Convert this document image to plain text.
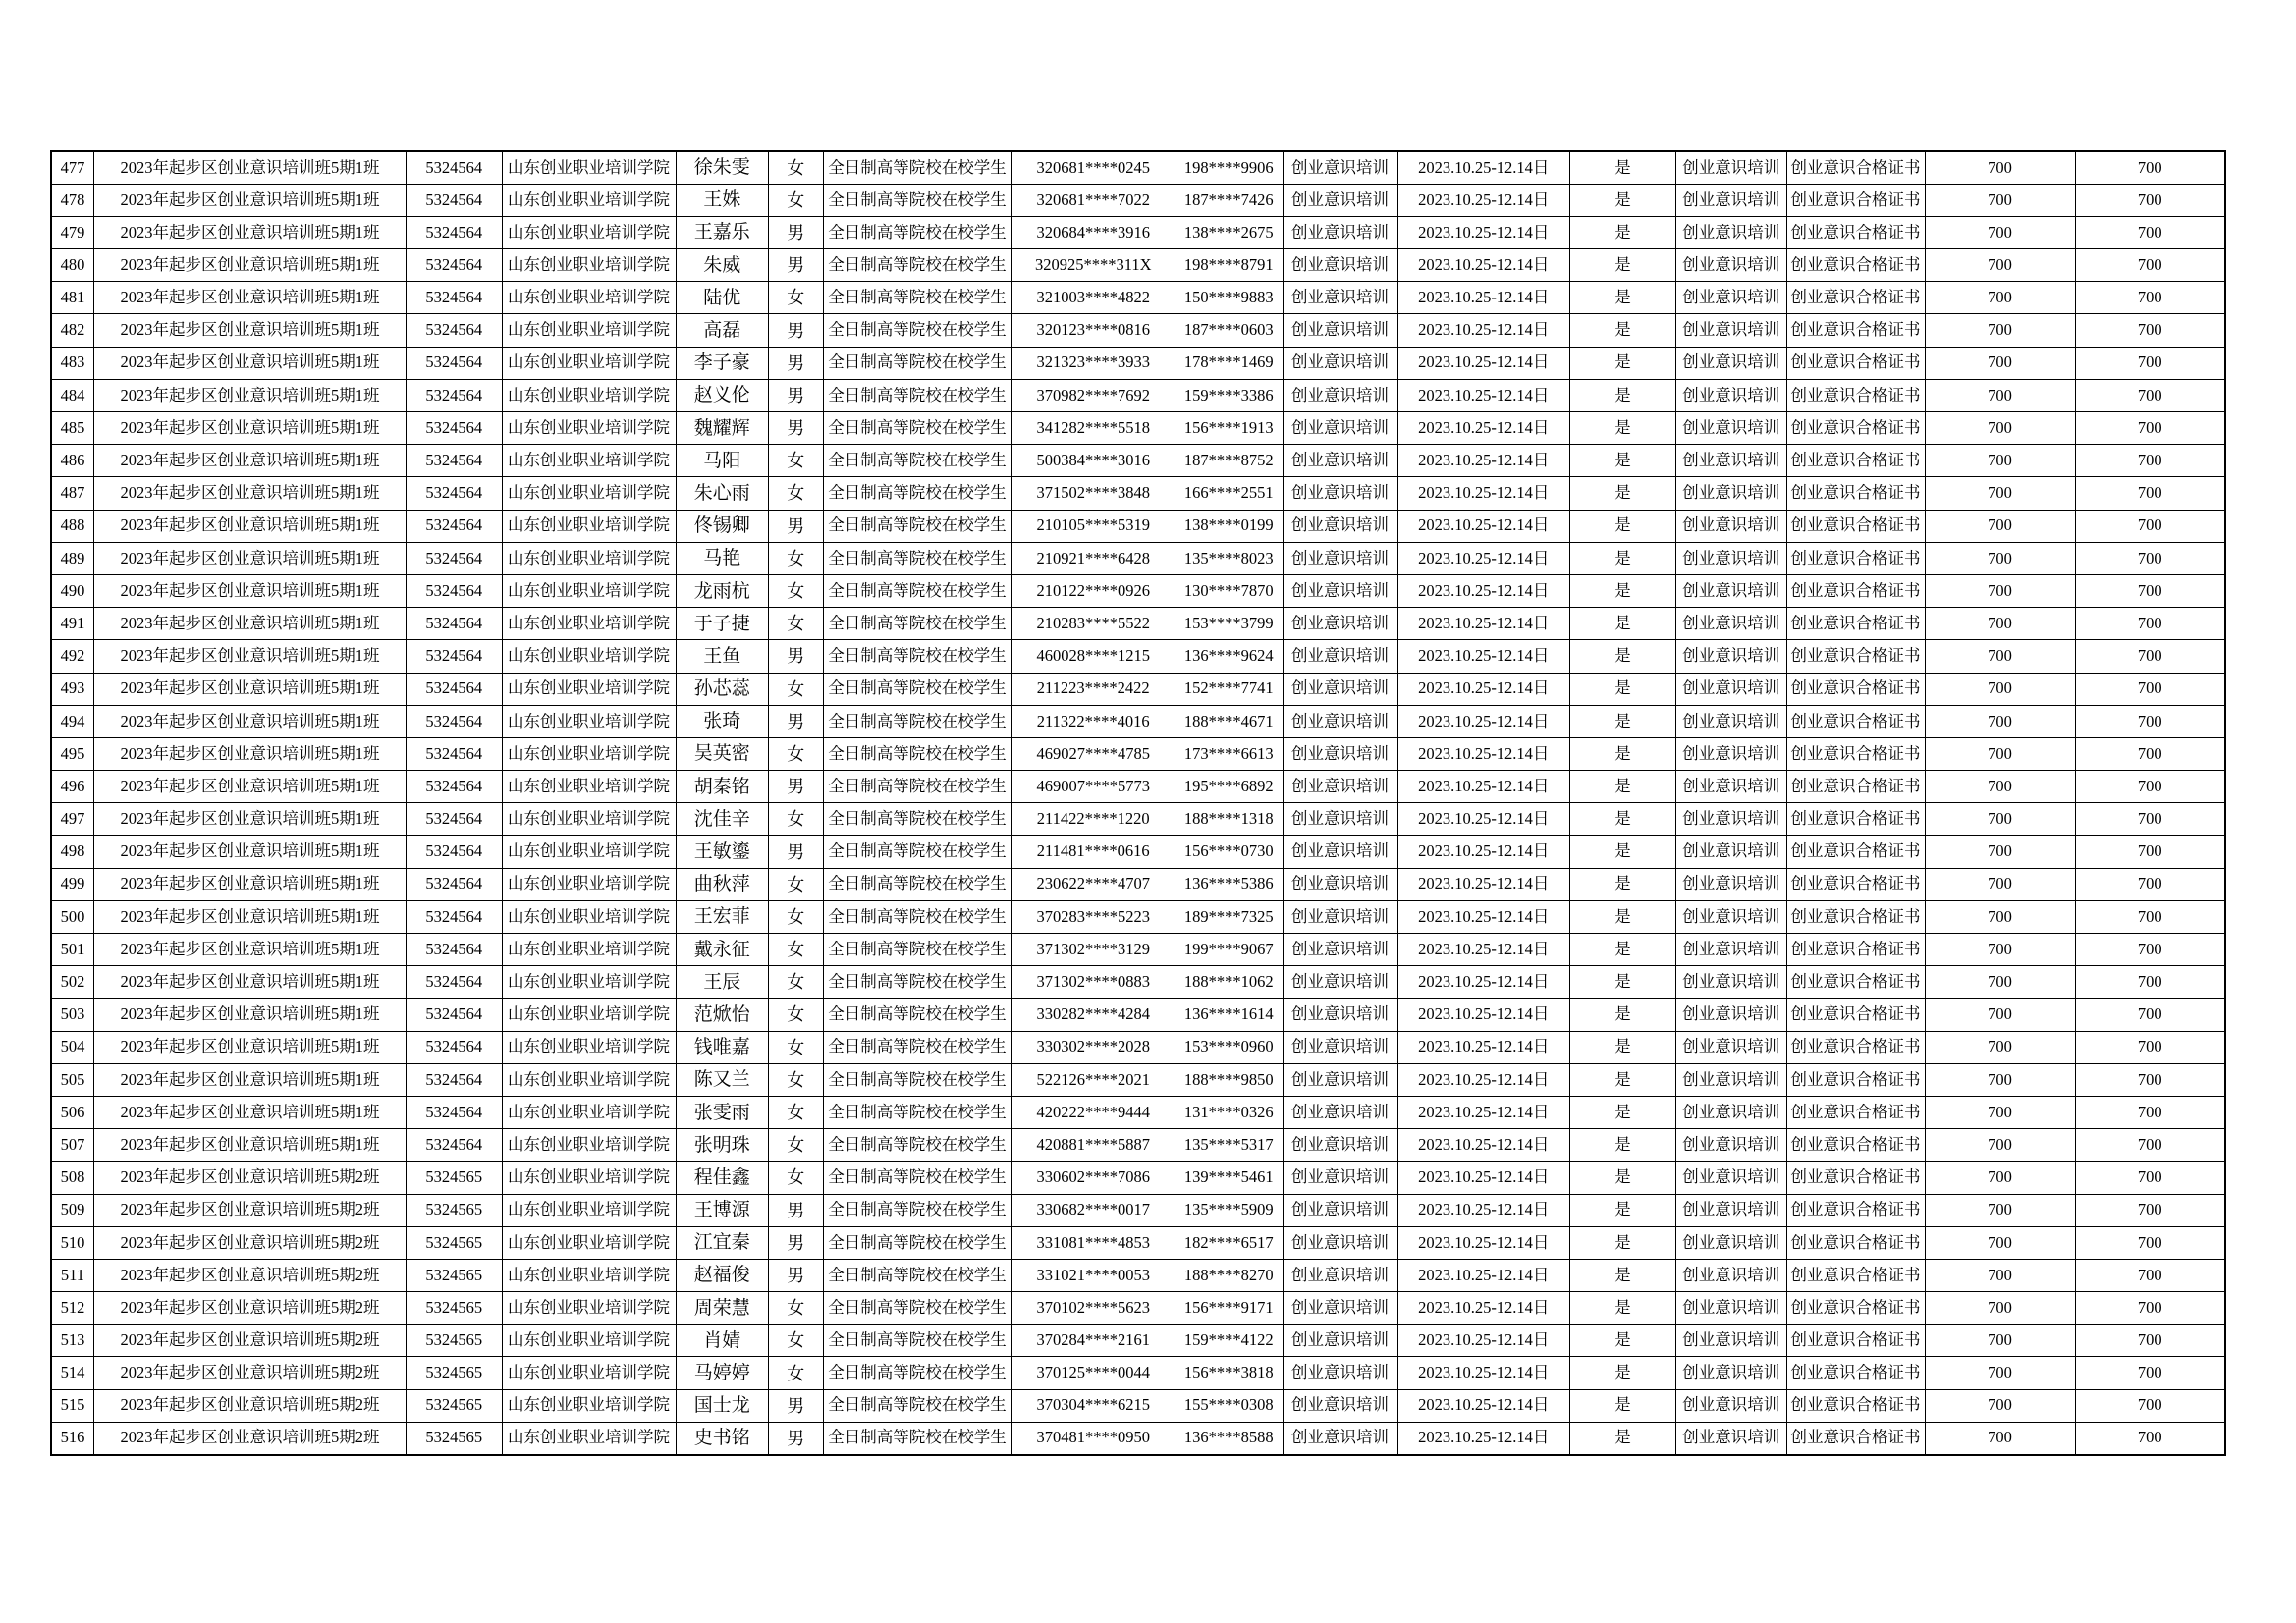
477	2023年起步区创业意识培训班5期1班	5324564	山东创业职业培训学院	徐朱雯	女	全日制高等院校在校学生	320681****0245	198****9906	创业意识培训	2023.10.25-12.14日	是	创业意识培训	创业意识合格证书	700	700
478	2023年起步区创业意识培训班5期1班	5324564	山东创业职业培训学院	王姝	女	全日制高等院校在校学生	320681****7022	187****7426	创业意识培训	2023.10.25-12.14日	是	创业意识培训	创业意识合格证书	700	700
479	2023年起步区创业意识培训班5期1班	5324564	山东创业职业培训学院	王嘉乐	男	全日制高等院校在校学生	320684****3916	138****2675	创业意识培训	2023.10.25-12.14日	是	创业意识培训	创业意识合格证书	700	700
480	2023年起步区创业意识培训班5期1班	5324564	山东创业职业培训学院	朱威	男	全日制高等院校在校学生	320925****311X	198****8791	创业意识培训	2023.10.25-12.14日	是	创业意识培训	创业意识合格证书	700	700
481	2023年起步区创业意识培训班5期1班	5324564	山东创业职业培训学院	陆优	女	全日制高等院校在校学生	321003****4822	150****9883	创业意识培训	2023.10.25-12.14日	是	创业意识培训	创业意识合格证书	700	700
482	2023年起步区创业意识培训班5期1班	5324564	山东创业职业培训学院	高磊	男	全日制高等院校在校学生	320123****0816	187****0603	创业意识培训	2023.10.25-12.14日	是	创业意识培训	创业意识合格证书	700	700
483	2023年起步区创业意识培训班5期1班	5324564	山东创业职业培训学院	李子豪	男	全日制高等院校在校学生	321323****3933	178****1469	创业意识培训	2023.10.25-12.14日	是	创业意识培训	创业意识合格证书	700	700
484	2023年起步区创业意识培训班5期1班	5324564	山东创业职业培训学院	赵义伦	男	全日制高等院校在校学生	370982****7692	159****3386	创业意识培训	2023.10.25-12.14日	是	创业意识培训	创业意识合格证书	700	700
485	2023年起步区创业意识培训班5期1班	5324564	山东创业职业培训学院	魏耀辉	男	全日制高等院校在校学生	341282****5518	156****1913	创业意识培训	2023.10.25-12.14日	是	创业意识培训	创业意识合格证书	700	700
486	2023年起步区创业意识培训班5期1班	5324564	山东创业职业培训学院	马阳	女	全日制高等院校在校学生	500384****3016	187****8752	创业意识培训	2023.10.25-12.14日	是	创业意识培训	创业意识合格证书	700	700
487	2023年起步区创业意识培训班5期1班	5324564	山东创业职业培训学院	朱心雨	女	全日制高等院校在校学生	371502****3848	166****2551	创业意识培训	2023.10.25-12.14日	是	创业意识培训	创业意识合格证书	700	700
488	2023年起步区创业意识培训班5期1班	5324564	山东创业职业培训学院	佟锡卿	男	全日制高等院校在校学生	210105****5319	138****0199	创业意识培训	2023.10.25-12.14日	是	创业意识培训	创业意识合格证书	700	700
489	2023年起步区创业意识培训班5期1班	5324564	山东创业职业培训学院	马艳	女	全日制高等院校在校学生	210921****6428	135****8023	创业意识培训	2023.10.25-12.14日	是	创业意识培训	创业意识合格证书	700	700
490	2023年起步区创业意识培训班5期1班	5324564	山东创业职业培训学院	龙雨杭	女	全日制高等院校在校学生	210122****0926	130****7870	创业意识培训	2023.10.25-12.14日	是	创业意识培训	创业意识合格证书	700	700
491	2023年起步区创业意识培训班5期1班	5324564	山东创业职业培训学院	于子捷	女	全日制高等院校在校学生	210283****5522	153****3799	创业意识培训	2023.10.25-12.14日	是	创业意识培训	创业意识合格证书	700	700
492	2023年起步区创业意识培训班5期1班	5324564	山东创业职业培训学院	王鱼	男	全日制高等院校在校学生	460028****1215	136****9624	创业意识培训	2023.10.25-12.14日	是	创业意识培训	创业意识合格证书	700	700
493	2023年起步区创业意识培训班5期1班	5324564	山东创业职业培训学院	孙芯蕊	女	全日制高等院校在校学生	211223****2422	152****7741	创业意识培训	2023.10.25-12.14日	是	创业意识培训	创业意识合格证书	700	700
494	2023年起步区创业意识培训班5期1班	5324564	山东创业职业培训学院	张琦	男	全日制高等院校在校学生	211322****4016	188****4671	创业意识培训	2023.10.25-12.14日	是	创业意识培训	创业意识合格证书	700	700
495	2023年起步区创业意识培训班5期1班	5324564	山东创业职业培训学院	吴英密	女	全日制高等院校在校学生	469027****4785	173****6613	创业意识培训	2023.10.25-12.14日	是	创业意识培训	创业意识合格证书	700	700
496	2023年起步区创业意识培训班5期1班	5324564	山东创业职业培训学院	胡秦铭	男	全日制高等院校在校学生	469007****5773	195****6892	创业意识培训	2023.10.25-12.14日	是	创业意识培训	创业意识合格证书	700	700
497	2023年起步区创业意识培训班5期1班	5324564	山东创业职业培训学院	沈佳辛	女	全日制高等院校在校学生	211422****1220	188****1318	创业意识培训	2023.10.25-12.14日	是	创业意识培训	创业意识合格证书	700	700
498	2023年起步区创业意识培训班5期1班	5324564	山东创业职业培训学院	王敏鎏	男	全日制高等院校在校学生	211481****0616	156****0730	创业意识培训	2023.10.25-12.14日	是	创业意识培训	创业意识合格证书	700	700
499	2023年起步区创业意识培训班5期1班	5324564	山东创业职业培训学院	曲秋萍	女	全日制高等院校在校学生	230622****4707	136****5386	创业意识培训	2023.10.25-12.14日	是	创业意识培训	创业意识合格证书	700	700
500	2023年起步区创业意识培训班5期1班	5324564	山东创业职业培训学院	王宏菲	女	全日制高等院校在校学生	370283****5223	189****7325	创业意识培训	2023.10.25-12.14日	是	创业意识培训	创业意识合格证书	700	700
501	2023年起步区创业意识培训班5期1班	5324564	山东创业职业培训学院	戴永征	女	全日制高等院校在校学生	371302****3129	199****9067	创业意识培训	2023.10.25-12.14日	是	创业意识培训	创业意识合格证书	700	700
502	2023年起步区创业意识培训班5期1班	5324564	山东创业职业培训学院	王辰	女	全日制高等院校在校学生	371302****0883	188****1062	创业意识培训	2023.10.25-12.14日	是	创业意识培训	创业意识合格证书	700	700
503	2023年起步区创业意识培训班5期1班	5324564	山东创业职业培训学院	范焮怡	女	全日制高等院校在校学生	330282****4284	136****1614	创业意识培训	2023.10.25-12.14日	是	创业意识培训	创业意识合格证书	700	700
504	2023年起步区创业意识培训班5期1班	5324564	山东创业职业培训学院	钱唯嘉	女	全日制高等院校在校学生	330302****2028	153****0960	创业意识培训	2023.10.25-12.14日	是	创业意识培训	创业意识合格证书	700	700
505	2023年起步区创业意识培训班5期1班	5324564	山东创业职业培训学院	陈又兰	女	全日制高等院校在校学生	522126****2021	188****9850	创业意识培训	2023.10.25-12.14日	是	创业意识培训	创业意识合格证书	700	700
506	2023年起步区创业意识培训班5期1班	5324564	山东创业职业培训学院	张雯雨	女	全日制高等院校在校学生	420222****9444	131****0326	创业意识培训	2023.10.25-12.14日	是	创业意识培训	创业意识合格证书	700	700
507	2023年起步区创业意识培训班5期1班	5324564	山东创业职业培训学院	张明珠	女	全日制高等院校在校学生	420881****5887	135****5317	创业意识培训	2023.10.25-12.14日	是	创业意识培训	创业意识合格证书	700	700
508	2023年起步区创业意识培训班5期2班	5324565	山东创业职业培训学院	程佳鑫	女	全日制高等院校在校学生	330602****7086	139****5461	创业意识培训	2023.10.25-12.14日	是	创业意识培训	创业意识合格证书	700	700
509	2023年起步区创业意识培训班5期2班	5324565	山东创业职业培训学院	王博源	男	全日制高等院校在校学生	330682****0017	135****5909	创业意识培训	2023.10.25-12.14日	是	创业意识培训	创业意识合格证书	700	700
510	2023年起步区创业意识培训班5期2班	5324565	山东创业职业培训学院	江宜秦	男	全日制高等院校在校学生	331081****4853	182****6517	创业意识培训	2023.10.25-12.14日	是	创业意识培训	创业意识合格证书	700	700
511	2023年起步区创业意识培训班5期2班	5324565	山东创业职业培训学院	赵福俊	男	全日制高等院校在校学生	331021****0053	188****8270	创业意识培训	2023.10.25-12.14日	是	创业意识培训	创业意识合格证书	700	700
512	2023年起步区创业意识培训班5期2班	5324565	山东创业职业培训学院	周荣慧	女	全日制高等院校在校学生	370102****5623	156****9171	创业意识培训	2023.10.25-12.14日	是	创业意识培训	创业意识合格证书	700	700
513	2023年起步区创业意识培训班5期2班	5324565	山东创业职业培训学院	肖婧	女	全日制高等院校在校学生	370284****2161	159****4122	创业意识培训	2023.10.25-12.14日	是	创业意识培训	创业意识合格证书	700	700
514	2023年起步区创业意识培训班5期2班	5324565	山东创业职业培训学院	马婷婷	女	全日制高等院校在校学生	370125****0044	156****3818	创业意识培训	2023.10.25-12.14日	是	创业意识培训	创业意识合格证书	700	700
515	2023年起步区创业意识培训班5期2班	5324565	山东创业职业培训学院	国士龙	男	全日制高等院校在校学生	370304****6215	155****0308	创业意识培训	2023.10.25-12.14日	是	创业意识培训	创业意识合格证书	700	700
516	2023年起步区创业意识培训班5期2班	5324565	山东创业职业培训学院	史书铭	男	全日制高等院校在校学生	370481****0950	136****8588	创业意识培训	2023.10.25-12.14日	是	创业意识培训	创业意识合格证书	700	700
